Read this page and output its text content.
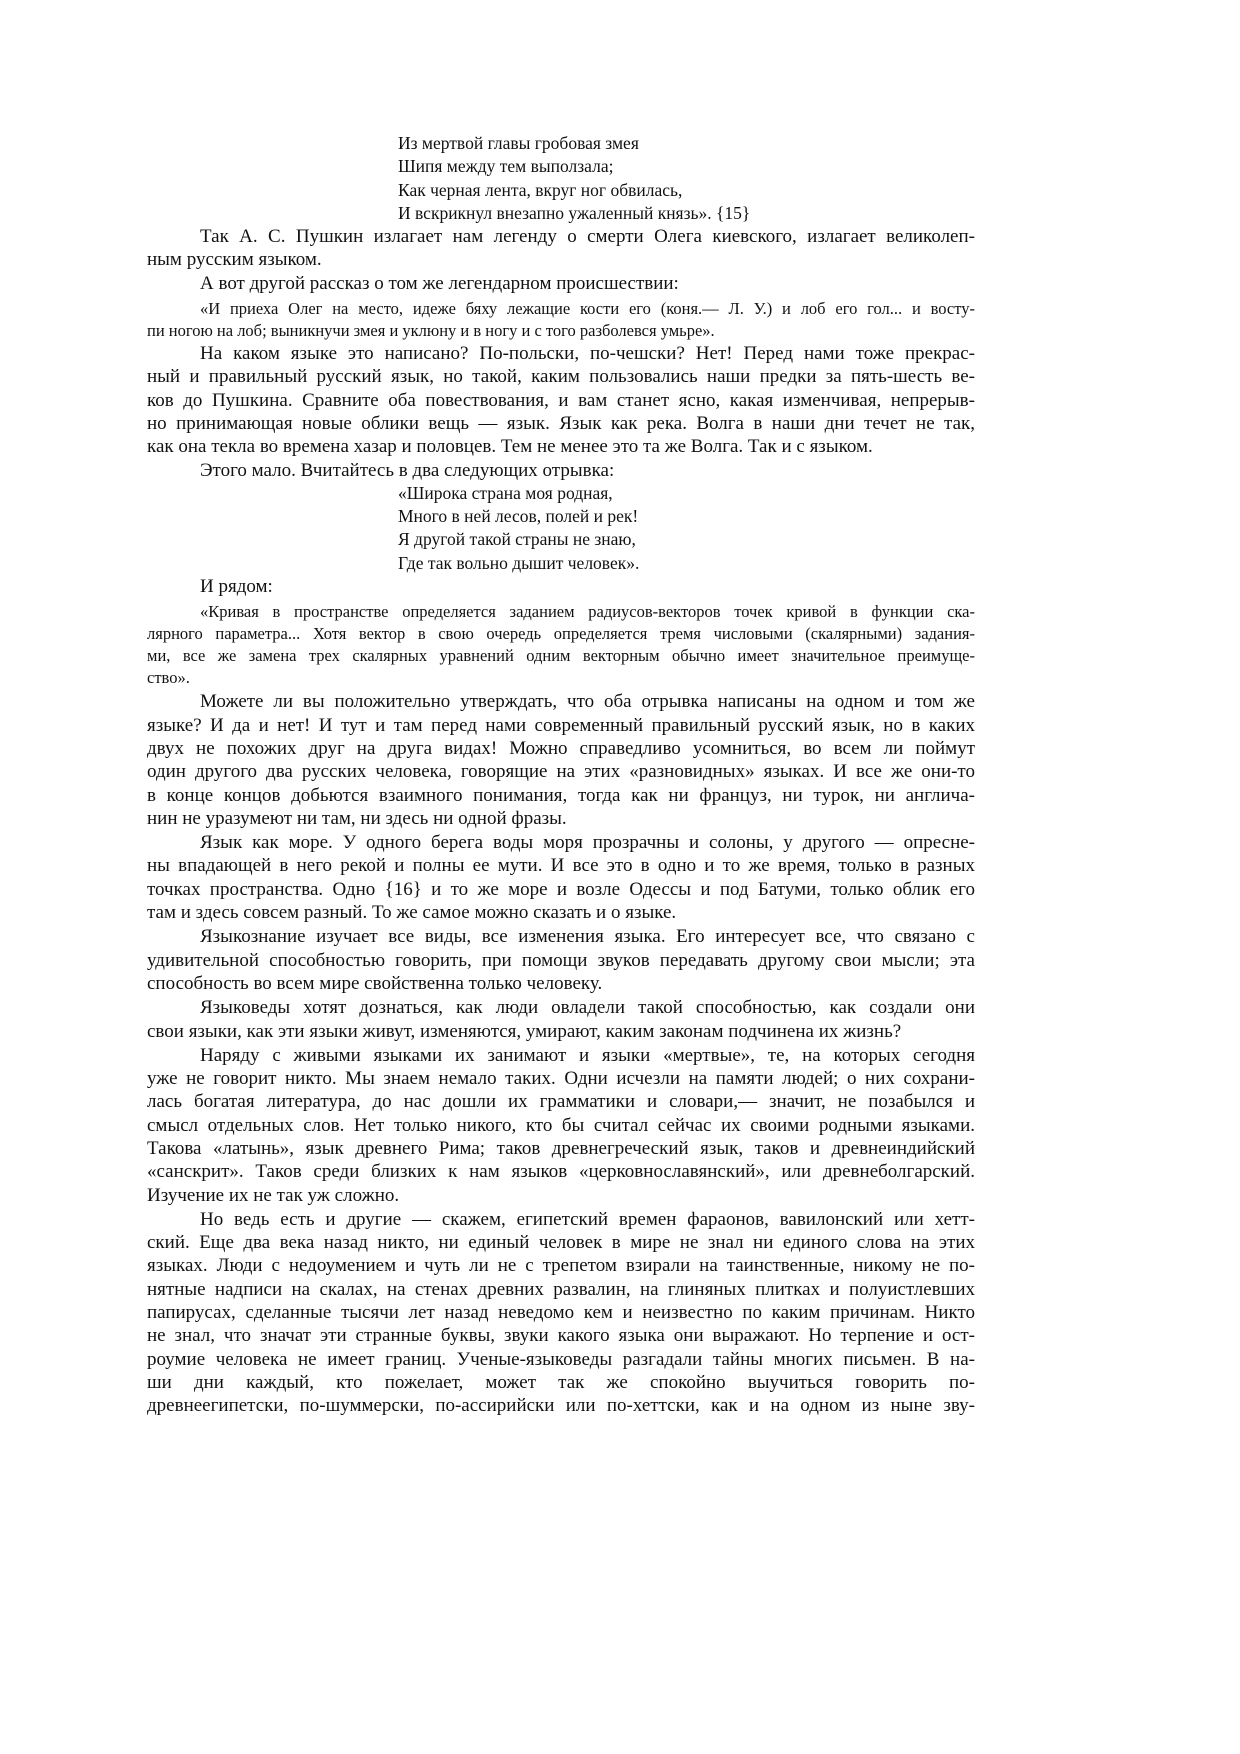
Из мертвой главы гробовая змея
Шипя между тем выползала;
Как черная лента, вкруг ног обвилась,
И вскрикнул внезапно ужаленный князь». {15}
Так А. С. Пушкин излагает нам легенду о смерти Олега киевского, излагает великолеп-
ным русским языком.
А вот другой рассказ о том же легендарном происшествии:
«И приеха Олег на место, идеже бяху лежащие кости его (коня.— Л. У.) и лоб его гол... и восту-
пи ногою на лоб; выникнучи змея и уклюну и в ногу и с того разболевся умьре».
На каком языке это написано? По-польски, по-чешски? Нет! Перед нами тоже прекрас-
ный и правильный русский язык, но такой, каким пользовались наши предки за пять-шесть ве-
ков до Пушкина. Сравните оба повествования, и вам станет ясно, какая изменчивая, непрерыв-
но принимающая новые облики вещь — язык. Язык как река. Волга в наши дни течет не так,
как она текла во времена хазар и половцев. Тем не менее это та же Волга. Так и с языком.
Этого мало. Вчитайтесь в два следующих отрывка:
«Широка страна моя родная,
Много в ней лесов, полей и рек!
Я другой такой страны не знаю,
Где так вольно дышит человек».
И рядом:
«Кривая в пространстве определяется заданием радиусов-векторов точек кривой в функции ска-
лярного параметра... Хотя вектор в свою очередь определяется тремя числовыми (скалярными) задания-
ми, все же замена трех скалярных уравнений одним векторным обычно имеет значительное преимуще-
ство».
Можете ли вы положительно утверждать, что оба отрывка написаны на одном и том же
языке? И да и нет! И тут и там перед нами современный правильный русский язык, но в каких
двух не похожих друг на друга видах! Можно справедливо усомниться, во всем ли поймут
один другого два русских человека, говорящие на этих «разновидных» языках. И все же они-то
в конце концов добьются взаимного понимания, тогда как ни француз, ни турок, ни англича-
нин не уразумеют ни там, ни здесь ни одной фразы.
Язык как море. У одного берега воды моря прозрачны и солоны, у другого — опресне-
ны впадающей в него рекой и полны ее мути. И все это в одно и то же время, только в разных
точках пространства. Одно {16} и то же море и возле Одессы и под Батуми, только облик его
там и здесь совсем разный. То же самое можно сказать и о языке.
Языкознание изучает все виды, все изменения языка. Его интересует все, что связано с
удивительной способностью говорить, при помощи звуков передавать другому свои мысли; эта
способность во всем мире свойственна только человеку.
Языковеды хотят дознаться, как люди овладели такой способностью, как создали они
свои языки, как эти языки живут, изменяются, умирают, каким законам подчинена их жизнь?
Наряду с живыми языками их занимают и языки «мертвые», те, на которых сегодня
уже не говорит никто. Мы знаем немало таких. Одни исчезли на памяти людей; о них сохрани-
лась богатая литература, до нас дошли их грамматики и словари,— значит, не позабылся и
смысл отдельных слов. Нет только никого, кто бы считал сейчас их своими родными языками.
Такова «латынь», язык древнего Рима; таков древнегреческий язык, таков и древнеиндийский
«санскрит». Таков среди близких к нам языков «церковнославянский», или древнеболгарский.
Изучение их не так уж сложно.
Но ведь есть и другие — скажем, египетский времен фараонов, вавилонский или хетт-
ский. Еще два века назад никто, ни единый человек в мире не знал ни единого слова на этих
языках. Люди с недоумением и чуть ли не с трепетом взирали на таинственные, никому не по-
нятные надписи на скалах, на стенах древних развалин, на глиняных плитках и полуистлевших
папирусах, сделанные тысячи лет назад неведомо кем и неизвестно по каким причинам. Никто
не знал, что значат эти странные буквы, звуки какого языка они выражают. Но терпение и ост-
роумие человека не имеет границ. Ученые-языковеды разгадали тайны многих письмен. В на-
ши дни каждый, кто пожелает, может так же спокойно выучиться говорить по-
древнеегипетски, по-шуммерски, по-ассирийски или по-хеттски, как и на одном из ныне зву-
